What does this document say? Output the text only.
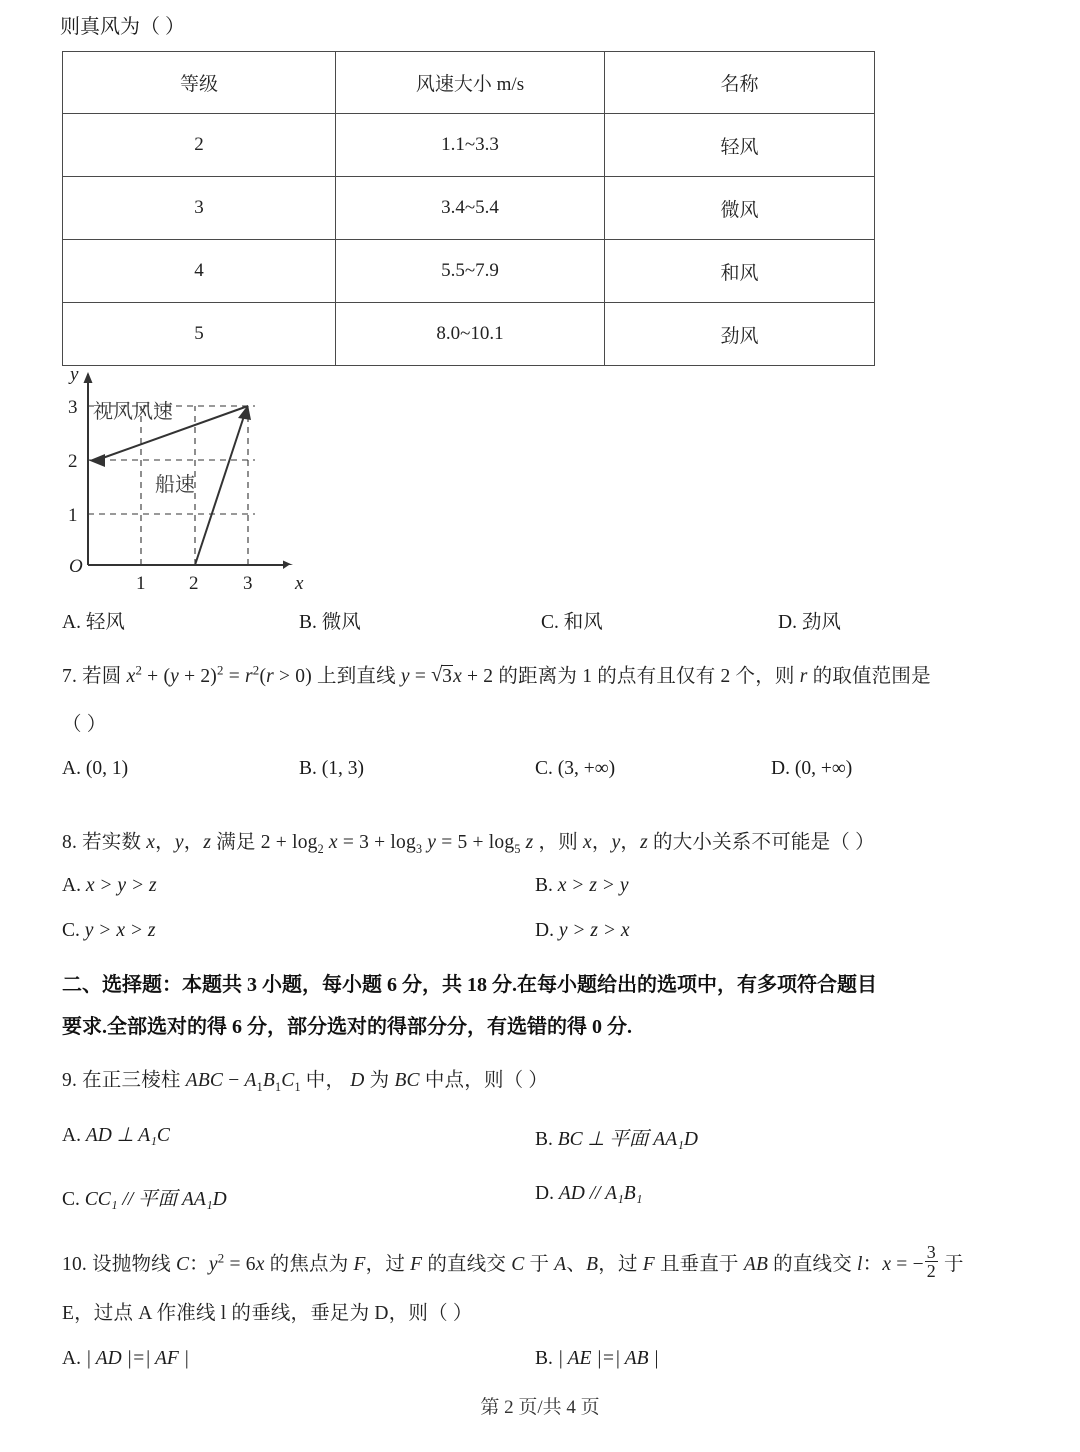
则真风为（ ）
等级	风速大小 m/s	名称
2	1.1~3.3	轻风
3	3.4~5.4	微风
4	5.5~7.9	和风
5	8.0~10.1	劲风
O
1 2 3 x
1
2
3
y
视风风速
船速
A. 轻风	B. 微风	C. 和风	D. 劲风
7. 若圆 $x^2 + (y + 2)^2 = r^2(r > 0)$ 上到直线 y = √ 3x + 2 的距离为 1 的点有且仅有 2 个，则 r 的取值范围是
（ ）
A. (0, 1)	B. (1, 3)	C. (3, +∞)	D. (0, +∞)
8. 若实数 x，y，z 满足 $2 + \log_2 x = 3 + \log_3 y = 5 + \log_5 z$ ，则 x，y，z 的大小关系不可能是（ ）
A. x > y > z	B. x > z > y
C. y > x > z	D. y > z > x
二、选择题：本题共 3 小题，每小题 6 分，共 18 分.在每小题给出的选项中，有多项符合题目
要求.全部选对的得 6 分，部分选对的得部分分，有选错的得 0 分.
9. 在正三棱柱 ABC − $A_1B_1C_1$ 中， D 为 BC 中点，则（ ）
A. AD ⊥ A₁C	B. BC ⊥ 平面 AA₁D
C. CC₁ // 平面 AA₁D	D. AD // A₁B₁
10. 设抛物线 C：$y^2 = 6x$ 的焦点为 F，过 F 的直线交 C 于 A、B，过 F 且垂直于 AB 的直线交 l：x = − $\frac{3}{2}$ 于
E，过点 A 作准线 l 的垂线，垂足为 D，则（ ）
A. | AD |=| AF |	B. | AE |=| AB |
第 2 页/共 4 页
